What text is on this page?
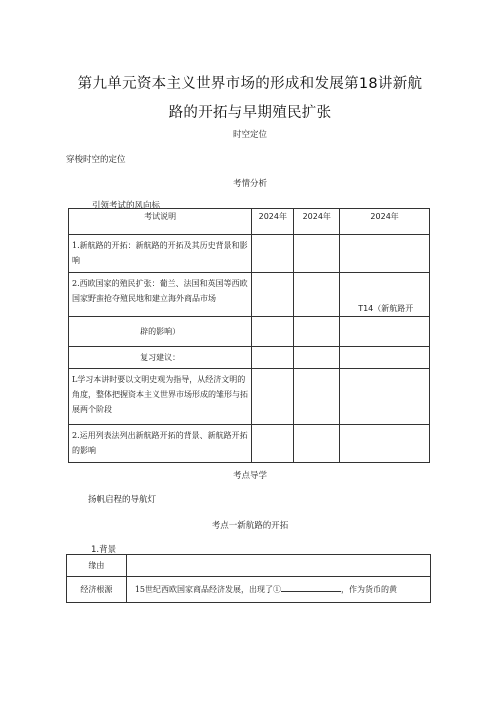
第九单元资本主义世界市场的形成和发展第18讲新航
路的开拓与早期殖民扩张
时空定位
穿梭时空的定位
考情分析
引领考试的风向标
考试说明	2024年	2024年	2024年
1.新航路的开拓：新航路的开拓及其历史背景和影响			
2.西欧国家的殖民扩张：葡兰、法国和英国等西欧国家野蛮抢夺殖民地和建立海外商品市场			T14（新航路开
辟的影响）			
复习建议：			
L学习本讲时要以文明史观为指导，从经济文明的角度，整体把握资本主义世界市场形成的雏形与拓展两个阶段			
2.运用列表法列出新航路开拓的背景、新航路开拓的影响			
考点导学
扬帆启程的导航灯
考点一新航路的开拓
1.背景
缘由	
经济根源	15世纪西欧国家商品经济发展，出现了① ，作为货币的黄
